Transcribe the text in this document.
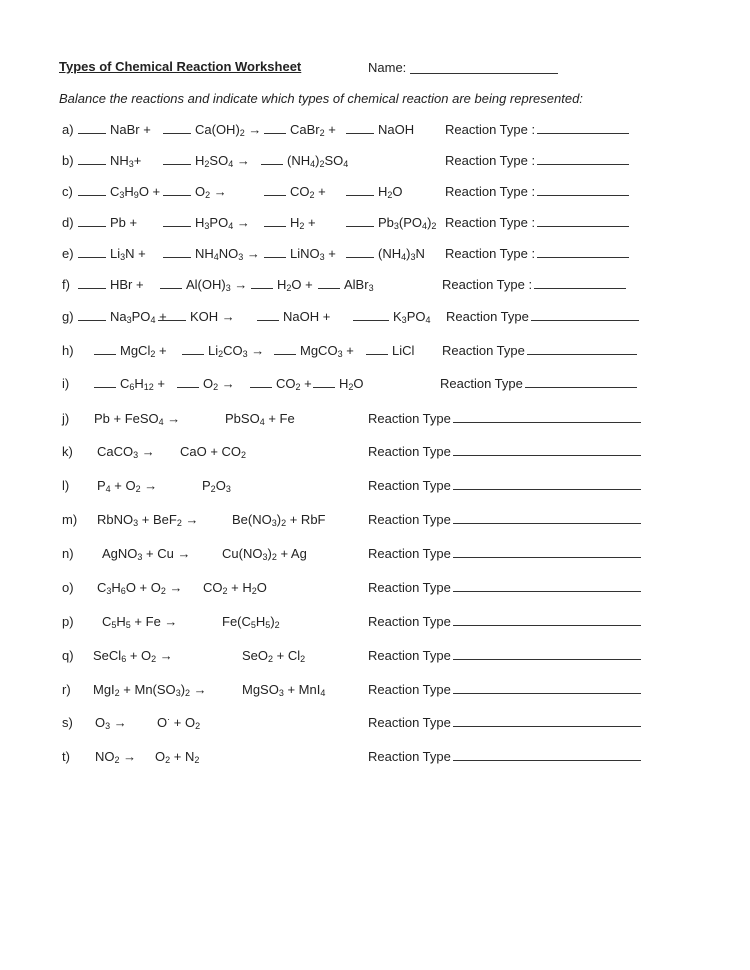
Types of Chemical Reaction Worksheet	Name:
Balance the reactions and indicate which types of chemical reaction are being represented:
a)	NaBr +	$Ca(OH)_2$ →	CaBr$_2$ +	NaOH Reaction Type :
b)	$NH_3+$	$H_2SO_4$ →	$(NH_4)_2SO_4$	Reaction Type :
c)	$C_3H_9O$ +	$O_2$ →	$CO_2$ +	$H_2O$	Reaction Type :
d)	Pb +	$H_3PO_4$ →	$H_2$ +	$Pb_3(PO_4)_2$ Reaction Type :
e)	$Li_3N$ +	$NH_4NO_3$ →	LiNO$_3$ +	$(NH_4)_3N$ Reaction Type :
f)	HBr +	$Al(OH)_3$ →	$H_2O$ +	AlBr$_3$	Reaction Type :
g)	$Na_3PO_4$ +	KOH →	NaOH +	$K_3PO_4$ Reaction Type
h)	MgCl$_2$ +	$Li_2CO_3$ →	MgCO$_3$ +	LiCl Reaction Type
i)	$C_6H_{12}$ +	$O_2$ →	$CO_2$ +	$H_2O$	Reaction Type
j) Pb + FeSO$_4$ →	PbSO$_4$ + Fe	Reaction Type
k) CaCO$_3$ → CaO + $CO_2$	Reaction Type
l) $P_4 + O_2$ →	$P_2O_3$	Reaction Type
m) RbNO$_3$ + BeF$_2$ →	$Be(NO_3)_2$ + RbF	Reaction Type
n) AgNO$_3$ + $Cu \to Cu(NO_3)_2 + Ag$	Reaction Type
o) $C_3H_6O + O_2 \to CO_2 + H_2O$	Reaction Type
p) $C_5H_5 + Fe$ →	$Fe(C_5H_5)_2$	Reaction Type
q) SeCl$_6$ + $O_2$ →	$SeO_2 + Cl_2$	Reaction Type
r) $MgI_2 + Mn(SO_3)_2$ →	MgSO$_3$ + MnI$_4$	Reaction Type
s) $O_3 \to O^\cdot + O_2$	Reaction Type
t) $NO_2 \to O_2 + N_2$	Reaction Type
